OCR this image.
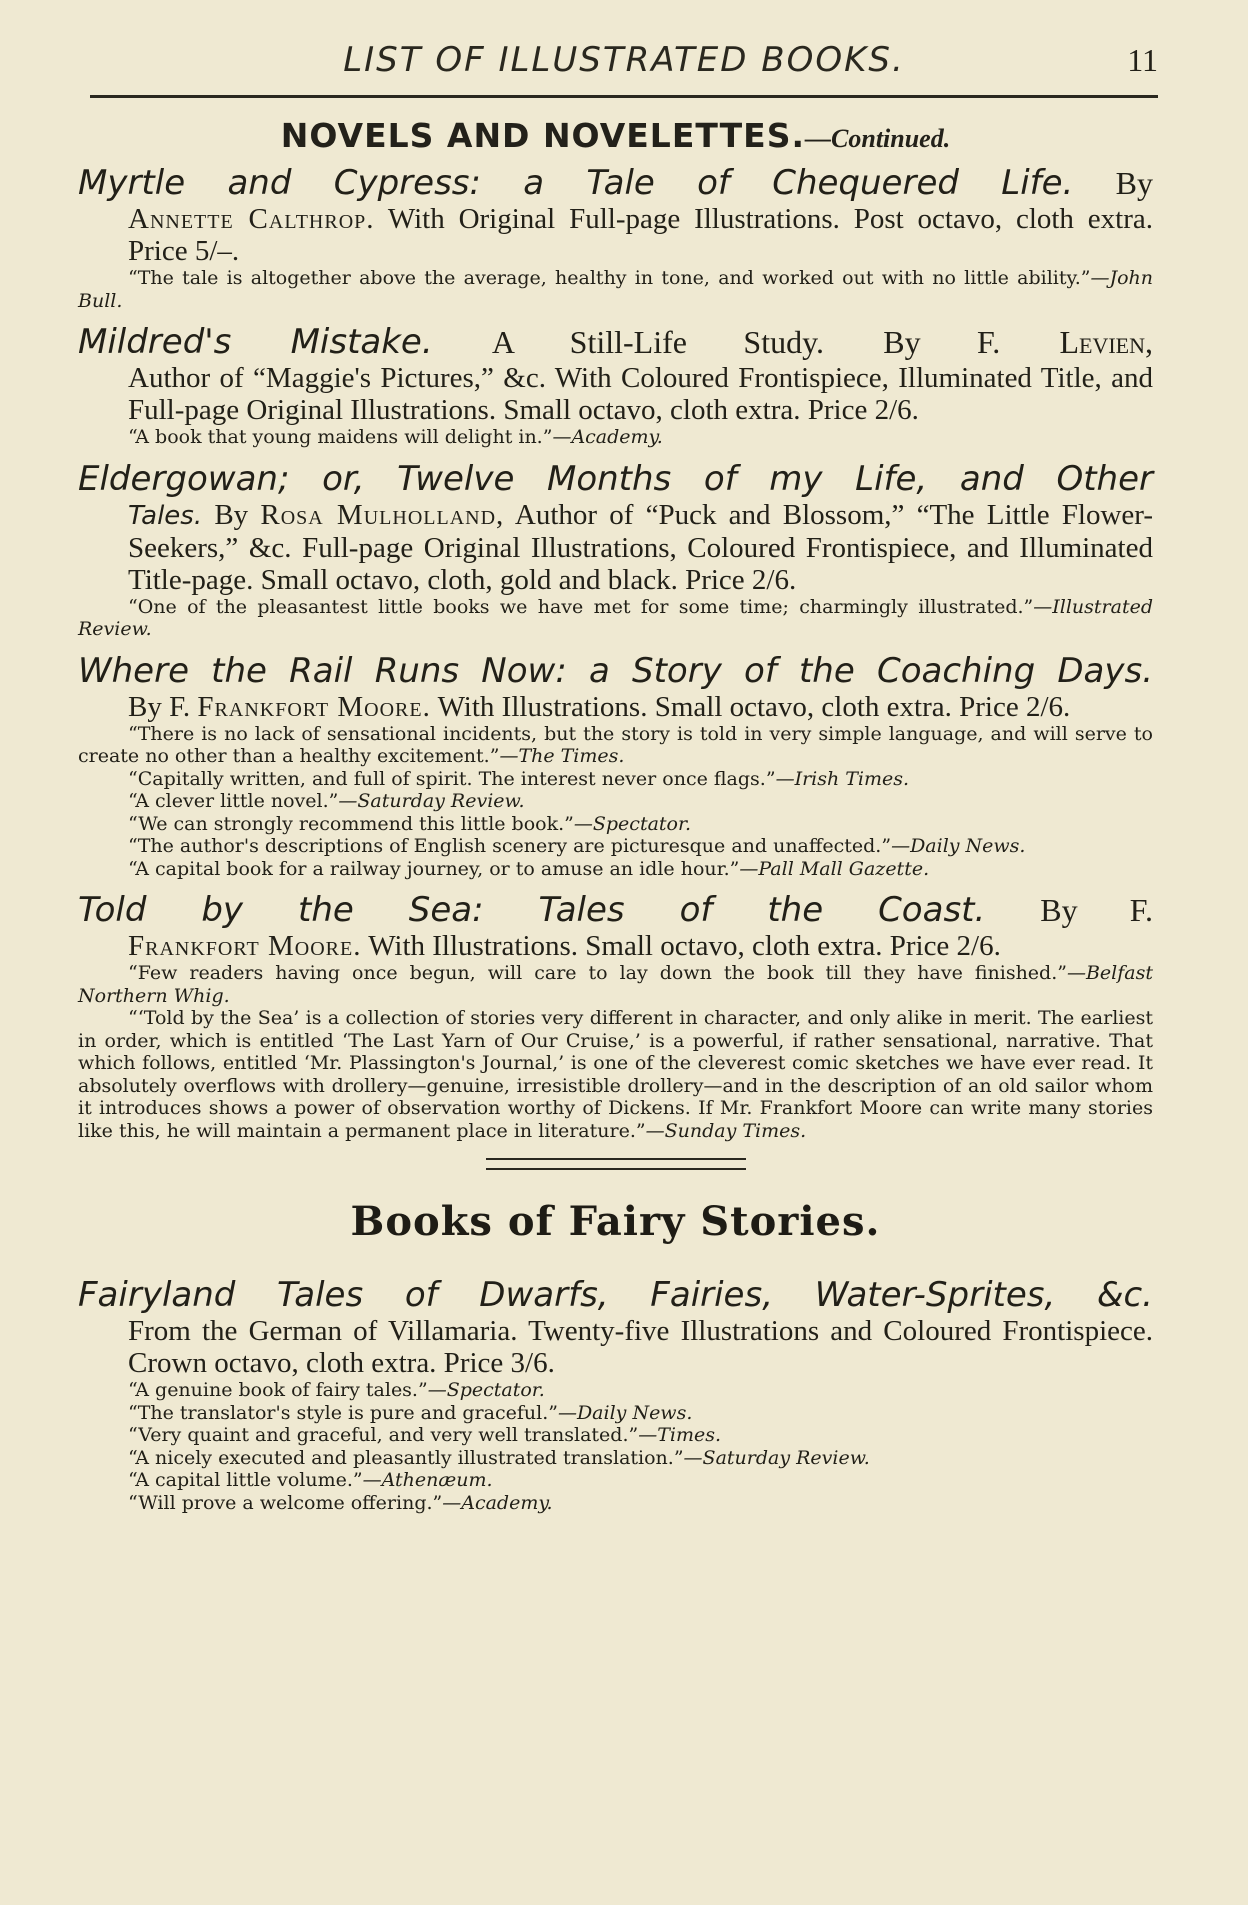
LIST OF ILLUSTRATED BOOKS.	11
NOVELS AND NOVELETTES.—Continued.
Myrtle and Cypress: a Tale of Chequered Life. By
Annette Calthrop. With Original Full-page Illustrations. Post octavo, cloth extra. Price 5/–.

“The tale is altogether above the average, healthy in tone, and worked out with no little ability.”—John Bull.

Mildred's Mistake. A Still-Life Study. By F. Levien,
Author of “Maggie's Pictures,” &c. With Coloured Frontispiece, Illuminated Title, and Full-page Original Illustrations. Small octavo, cloth extra. Price 2/6.

“A book that young maidens will delight in.”—Academy.

Eldergowan; or, Twelve Months of my Life, and Other
Tales. By Rosa Mulholland, Author of “Puck and Blossom,” “The Little Flower-Seekers,” &c. Full-page Original Illustrations, Coloured Frontispiece, and Illuminated Title-page. Small octavo, cloth, gold and black. Price 2/6.

“One of the pleasantest little books we have met for some time; charmingly illustrated.”—Illustrated Review.

Where the Rail Runs Now: a Story of the Coaching Days.
By F. Frankfort Moore. With Illustrations. Small octavo, cloth extra. Price 2/6.

“There is no lack of sensational incidents, but the story is told in very simple language, and will serve to create no other than a healthy excitement.”—The Times.

“Capitally written, and full of spirit. The interest never once flags.”—Irish Times.

“A clever little novel.”—Saturday Review.

“We can strongly recommend this little book.”—Spectator.

“The author's descriptions of English scenery are picturesque and unaffected.”—Daily News.

“A capital book for a railway journey, or to amuse an idle hour.”—Pall Mall Gazette.

Told by the Sea: Tales of the Coast. By F.
Frankfort Moore. With Illustrations. Small octavo, cloth extra. Price 2/6.

“Few readers having once begun, will care to lay down the book till they have finished.”—Belfast Northern Whig.

“‘Told by the Sea’ is a collection of stories very different in character, and only alike in merit. The earliest in order, which is entitled ‘The Last Yarn of Our Cruise,’ is a powerful, if rather sensational, narrative. That which follows, entitled ‘Mr. Plassington's Journal,’ is one of the cleverest comic sketches we have ever read. It absolutely overflows with drollery—genuine, irresistible drollery—and in the description of an old sailor whom it introduces shows a power of observation worthy of Dickens. If Mr. Frankfort Moore can write many stories like this, he will maintain a permanent place in literature.”—Sunday Times.

Books of Fairy Stories.
Fairyland Tales of Dwarfs, Fairies, Water-Sprites, &c.
From the German of Villamaria. Twenty-five Illustrations and Coloured Frontispiece. Crown octavo, cloth extra. Price 3/6.

“A genuine book of fairy tales.”—Spectator.

“The translator's style is pure and graceful.”—Daily News.

“Very quaint and graceful, and very well translated.”—Times.

“A nicely executed and pleasantly illustrated translation.”—Saturday Review.

“A capital little volume.”—Athenæum.

“Will prove a welcome offering.”—Academy.
